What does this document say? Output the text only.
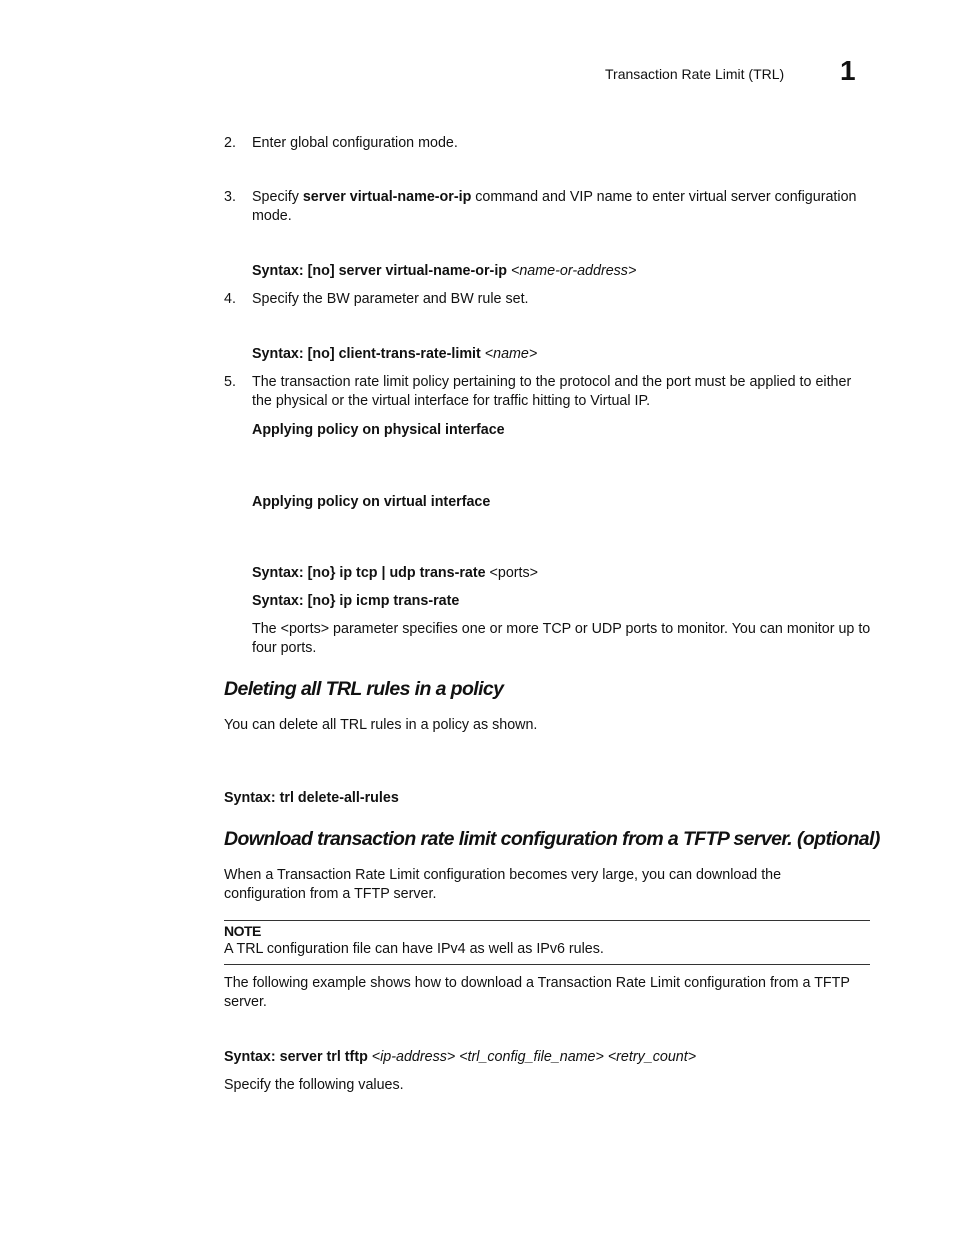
Transaction Rate Limit (TRL) 1
2.	Enter global configuration mode.
3.	Specify server virtual-name-or-ip command and VIP name to enter virtual server configuration mode.
Syntax: [no] server virtual-name-or-ip <name-or-address>
4.	Specify the BW parameter and BW rule set.
Syntax: [no] client-trans-rate-limit <name>
5.	The transaction rate limit policy pertaining to the protocol and the port must be applied to either the physical or the virtual interface for traffic hitting to Virtual IP.
Applying policy on physical interface
Applying policy on virtual interface
Syntax: [no} ip tcp | udp trans-rate <ports>
Syntax: [no} ip icmp trans-rate
The <ports> parameter specifies one or more TCP or UDP ports to monitor. You can monitor up to four ports.
Deleting all TRL rules in a policy
You can delete all TRL rules in a policy as shown.
Syntax: trl delete-all-rules
Download transaction rate limit configuration from a TFTP server. (optional)
When a Transaction Rate Limit configuration becomes very large, you can download the configuration from a TFTP server.
NOTE
A TRL configuration file can have IPv4 as well as IPv6 rules.
The following example shows how to download a Transaction Rate Limit configuration from a TFTP server.
Syntax: server trl tftp <ip-address> <trl_config_file_name> <retry_count>
Specify the following values.
